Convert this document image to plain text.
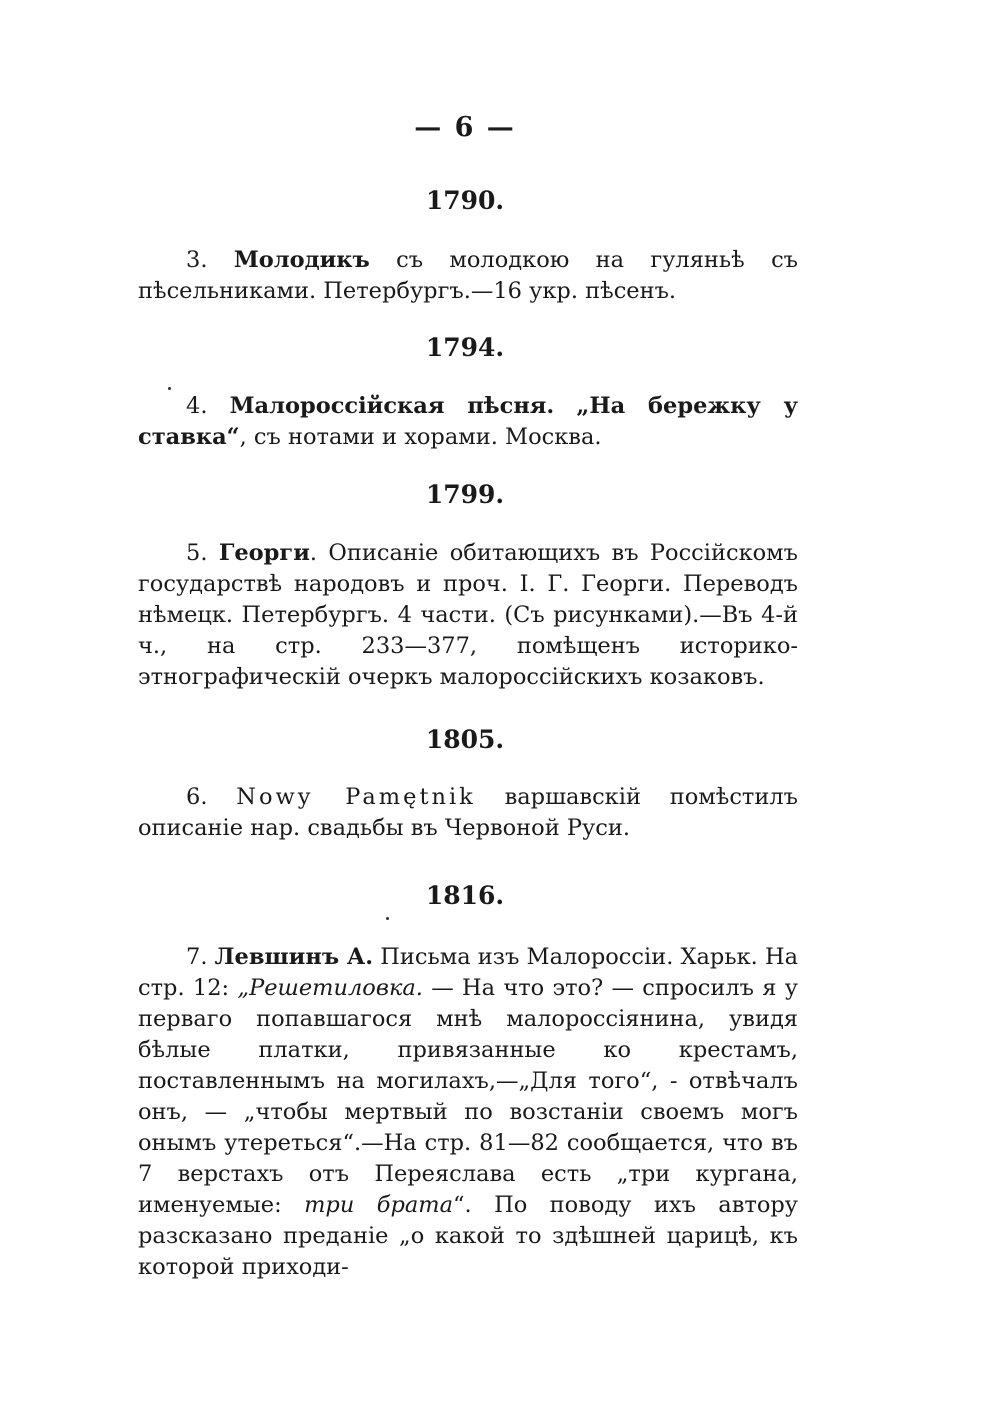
— 6 —
1790.
3. Молодикъ съ молодкою на гуляньѣ съ пѣсельниками. Петербургъ.—16 укр. пѣсенъ.
1794.
4. Малороссійская пѣсня. „На бережку у ставка“, съ нотами и хорами. Москва.
1799.
5. Георги. Описаніе обитающихъ въ Россійскомъ государствѣ народовъ и проч. I. Г. Георги. Переводъ нѣмецк. Петербургъ. 4 части. (Съ рисунками).—Въ 4-й ч., на стр. 233—377, помѣщенъ историко-этнографическій очеркъ малороссійскихъ козаковъ.
1805.
6. Nowy Pamętnik варшавскій помѣстилъ описаніе нар. свадьбы въ Червоной Руси.
1816.
7. Левшинъ А. Письма изъ Малороссіи. Харьк. На стр. 12: „Решетиловка. — На что это? — спросилъ я у перваго попавшагося мнѣ малороссіянина, увидя бѣлые платки, привязанные ко крестамъ, поставленнымъ на могилахъ,—„Для того“, - отвѣчалъ онъ, — „чтобы мертвый по возстаніи своемъ могъ онымъ утереться“.—На стр. 81—82 сообщается, что въ 7 верстахъ отъ Переяслава есть „три кургана, именуемые: три брата“. По поводу ихъ автору разсказано преданіе „о какой то здѣшней царицѣ, къ которой приходи-
